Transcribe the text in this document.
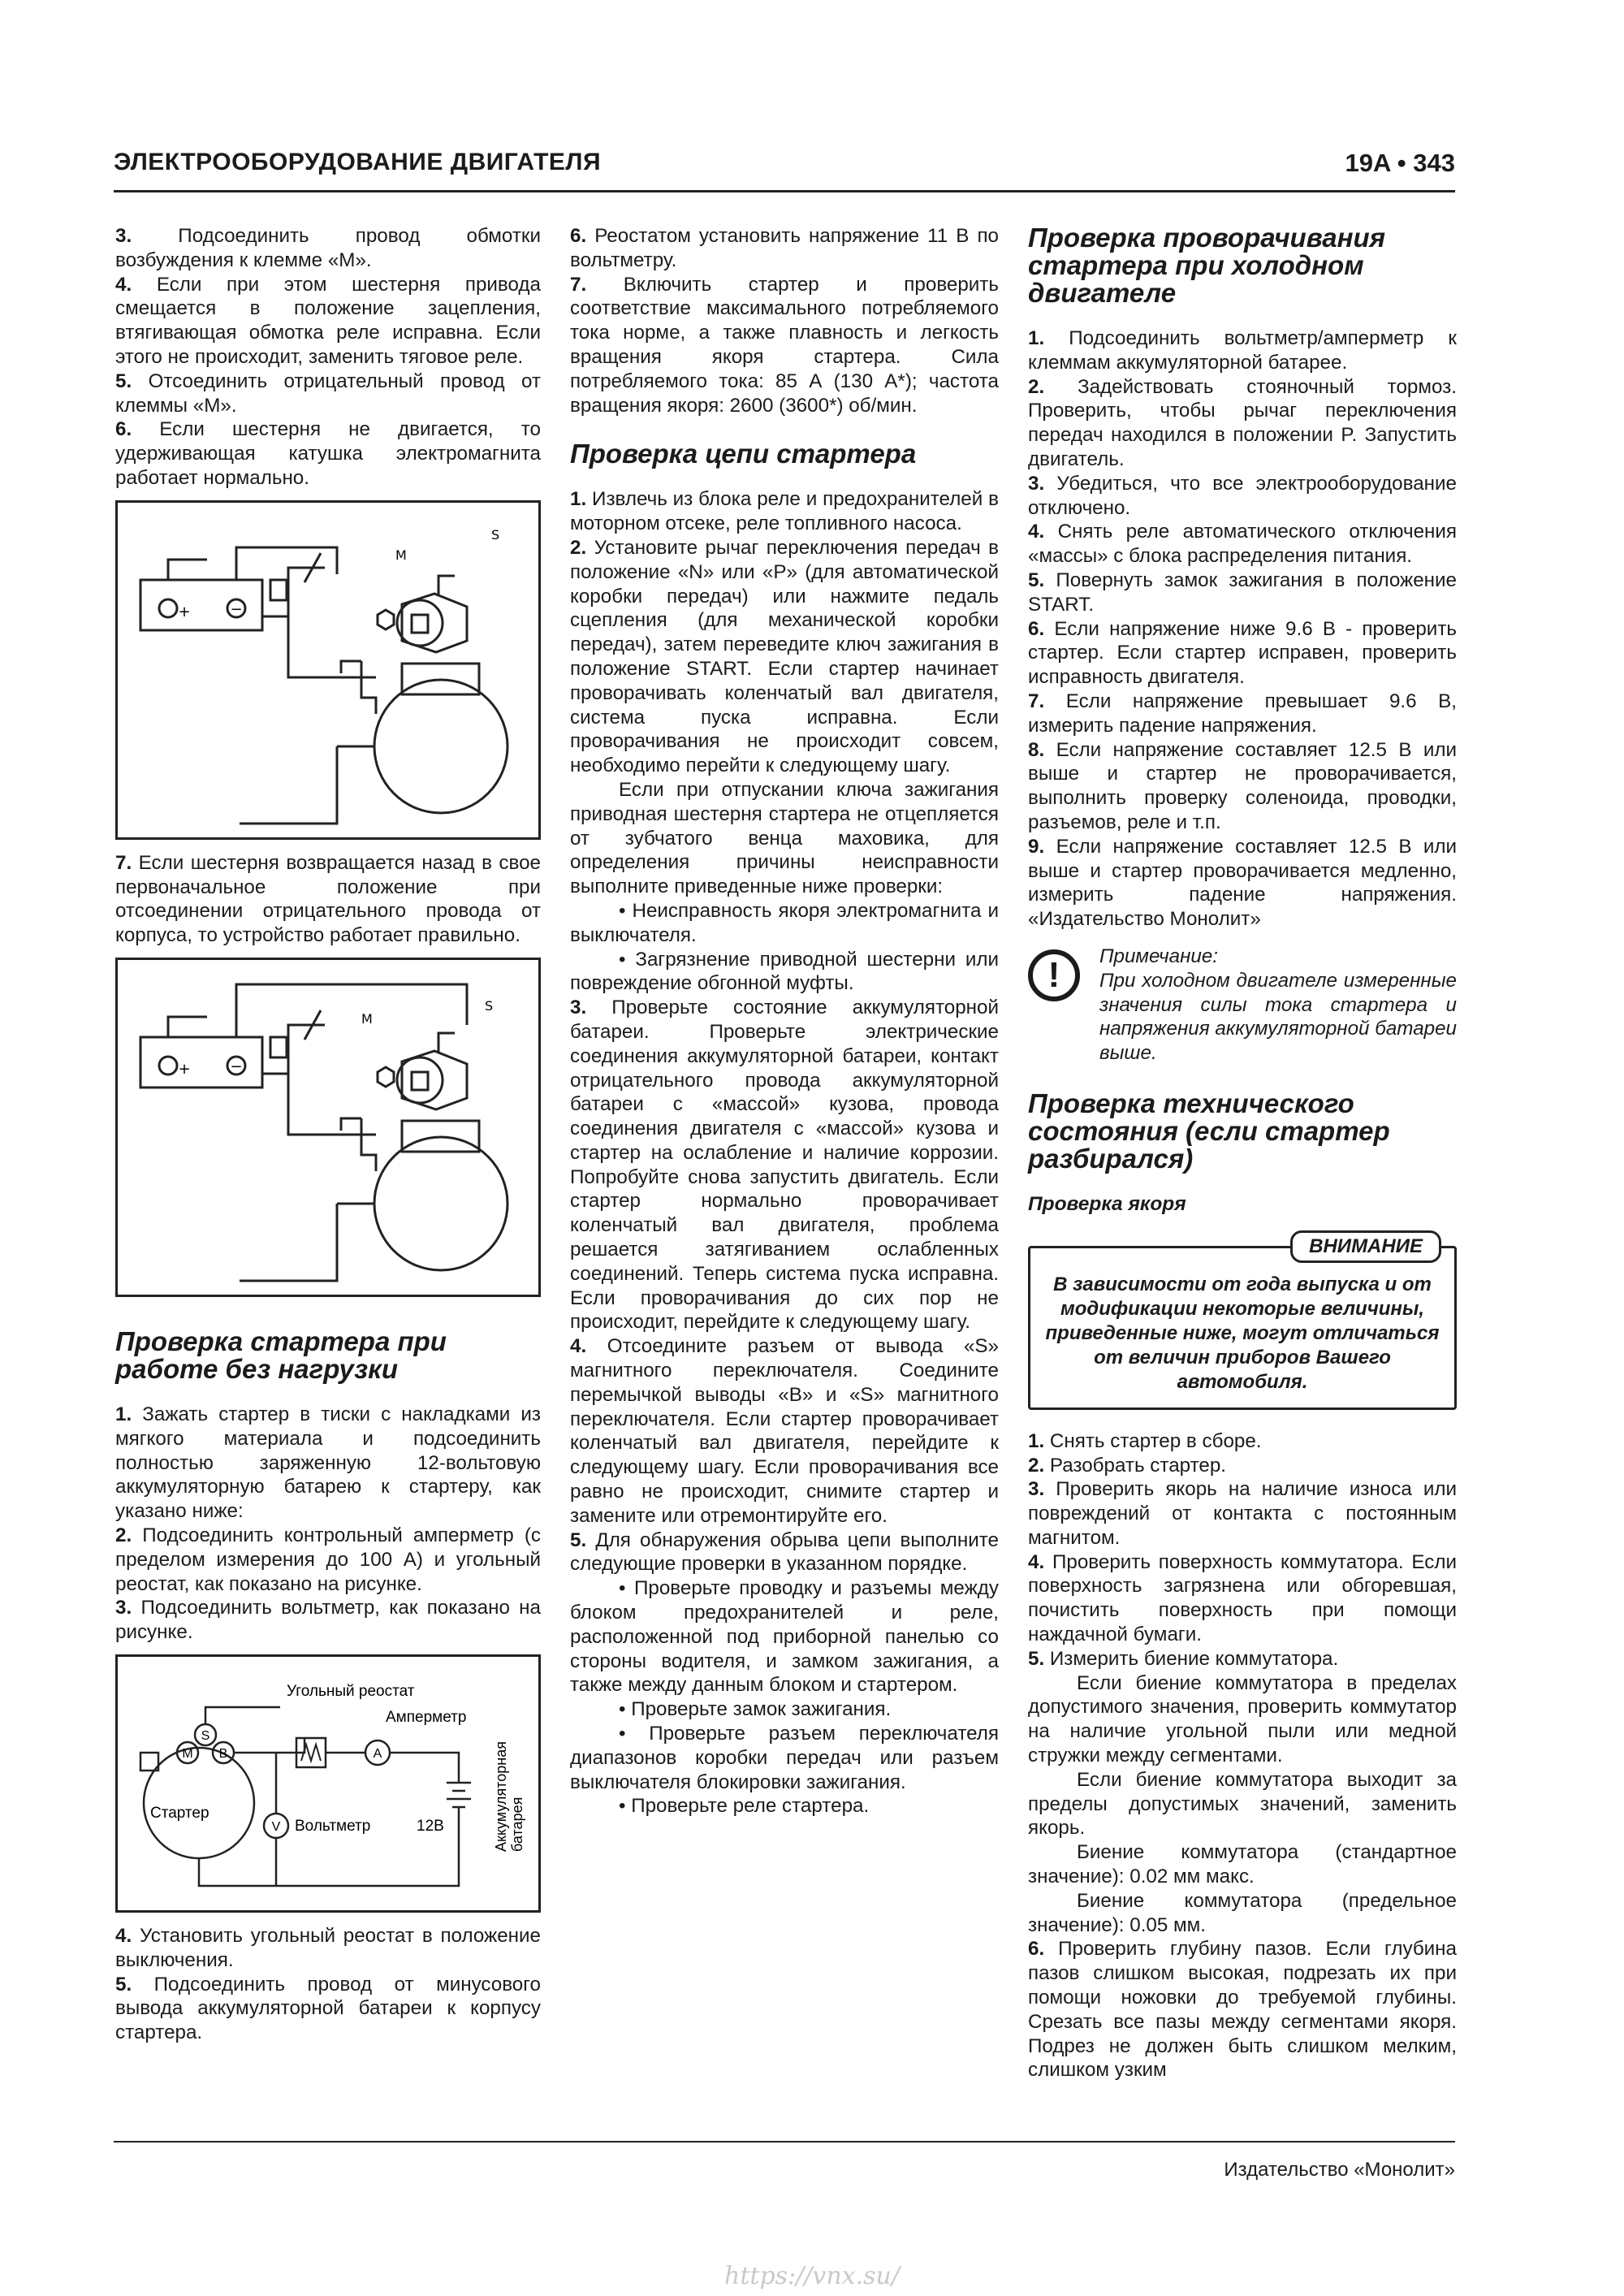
ЭЛЕКТРООБОРУДОВАНИЕ ДВИГАТЕЛЯ	19A • 343

3. Подсоединить провод обмотки возбуждения к клемме «М».

4. Если при этом шестерня привода смещается в положение зацепления, втягивающая обмотка реле исправна. Если этого не происходит, заменить тяговое реле.

5. Отсоединить отрицательный провод от клеммы «М».

6. Если шестерня не двигается, то удерживающая катушка электромагнита работает нормально.

+	−
M
S

7. Если шестерня возвращается назад в свое первоначальное положение при отсоединении отрицательного провода от корпуса, то устройство работает правильно.

+	−
M
S
Проверка стартера при работе без нагрузки

1. Зажать стартер в тиски с накладками из мягкого материала и подсоединить полностью заряженную 12-вольтовую аккумуляторную батарею к стартеру, как указано ниже:

2. Подсоединить контрольный амперметр (с пределом измерения до 100 А) и угольный реостат, как показано на рисунке.

3. Подсоединить вольтметр, как показано на рисунке.

S
M B	A
V
Угольный реостат
Амперметр
Стартер
Вольтметр	12В	Аккумуляторная батарея

4. Установить угольный реостат в положение выключения.

5. Подсоединить провод от минусового вывода аккумуляторной батареи к корпусу стартера.

6. Реостатом установить напряжение 11 В по вольтметру.

7. Включить стартер и проверить соответствие максимального потребляемого тока норме, а также плавность и легкость вращения якоря стартера. Сила потребляемого тока: 85 А (130 А*); частота вращения якоря: 2600 (3600*) об/мин.

Проверка цепи стартера

1. Извлечь из блока реле и предохранителей в моторном отсеке, реле топливного насоса.

2. Установите рычаг переключения передач в положение «N» или «P» (для автоматической коробки передач) или нажмите педаль сцепления (для механической коробки передач), затем переведите ключ зажигания в положение START. Если стартер начинает проворачивать коленчатый вал двигателя, система пуска исправна. Если проворачивания не происходит совсем, необходимо перейти к следующему шагу.

Если при отпускании ключа зажигания приводная шестерня стартера не отцепляется от зубчатого венца маховика, для определения причины неисправности выполните приведенные ниже проверки:

• Неисправность якоря электромагнита и выключателя.

• Загрязнение приводной шестерни или повреждение обгонной муфты.

3. Проверьте состояние аккумуляторной батареи. Проверьте электрические соединения аккумуляторной батареи, контакт отрицательного провода аккумуляторной батареи с «массой» кузова, провода соединения двигателя с «массой» кузова и стартер на ослабление и наличие коррозии. Попробуйте снова запустить двигатель. Если стартер нормально проворачивает коленчатый вал двигателя, проблема решается затягиванием ослабленных соединений. Теперь система пуска исправна. Если проворачивания до сих пор не происходит, перейдите к следующему шагу.

4. Отсоедините разъем от вывода «S» магнитного переключателя. Соедините перемычкой выводы «B» и «S» магнитного переключателя. Если стартер проворачивает коленчатый вал двигателя, перейдите к следующему шагу. Если проворачивания все равно не происходит, снимите стартер и замените или отремонтируйте его.

5. Для обнаружения обрыва цепи выполните следующие проверки в указанном порядке.

• Проверьте проводку и разъемы между блоком предохранителей и реле, расположенной под приборной панелью со стороны водителя, и замком зажигания, а также между данным блоком и стартером.

• Проверьте замок зажигания.

• Проверьте разъем переключателя диапазонов коробки передач или разъем выключателя блокировки зажигания.

• Проверьте реле стартера.

Проверка проворачивания стартера при холодном двигателе

1. Подсоединить вольтметр/амперметр к клеммам аккумуляторной батарее.

2. Задействовать стояночный тормоз. Проверить, чтобы рычаг переключения передач находился в положении P. Запустить двигатель.

3. Убедиться, что все электрооборудование отключено.

4. Снять реле автоматического отключения «массы» с блока распределения питания.

5. Повернуть замок зажигания в положение START.

6. Если напряжение ниже 9.6 В - проверить стартер. Если стартер исправен, проверить исправность двигателя.

7. Если напряжение превышает 9.6 В, измерить падение напряжения.

8. Если напряжение составляет 12.5 В или выше и стартер не проворачивается, выполнить проверку соленоида, проводки, разъемов, реле и т.п.

9. Если напряжение составляет 12.5 В или выше и стартер проворачивается медленно, измерить падение напряжения. «Издательство Монолит»

!	Примечание:
При холодном двигателе измеренные значения силы тока стартера и напряжения аккумуляторной батареи выше.
Проверка технического состояния (если стартер разбирался)
Проверка якоря
ВНИМАНИЕ
В зависимости от года выпуска и от модификации некоторые величины, приведенные ниже, могут отличаться от величин приборов Вашего автомобиля.

1. Снять стартер в сборе.

2. Разобрать стартер.

3. Проверить якорь на наличие износа или повреждений от контакта с постоянным магнитом.

4. Проверить поверхность коммутатора. Если поверхность загрязнена или обгоревшая, почистить поверхность при помощи наждачной бумаги.

5. Измерить биение коммутатора.

Если биение коммутатора в пределах допустимого значения, проверить коммутатор на наличие угольной пыли или медной стружки между сегментами.

Если биение коммутатора выходит за пределы допустимых значений, заменить якорь.

Биение коммутатора (стандартное значение): 0.02 мм макс.

Биение коммутатора (предельное значение): 0.05 мм.

6. Проверить глубину пазов. Если глубина пазов слишком высокая, подрезать их при помощи ножовки до требуемой глубины. Срезать все пазы между сегментами якоря. Подрез не должен быть слишком мелким, слишком узким

Издательство «Монолит»
https://vnx.su/
